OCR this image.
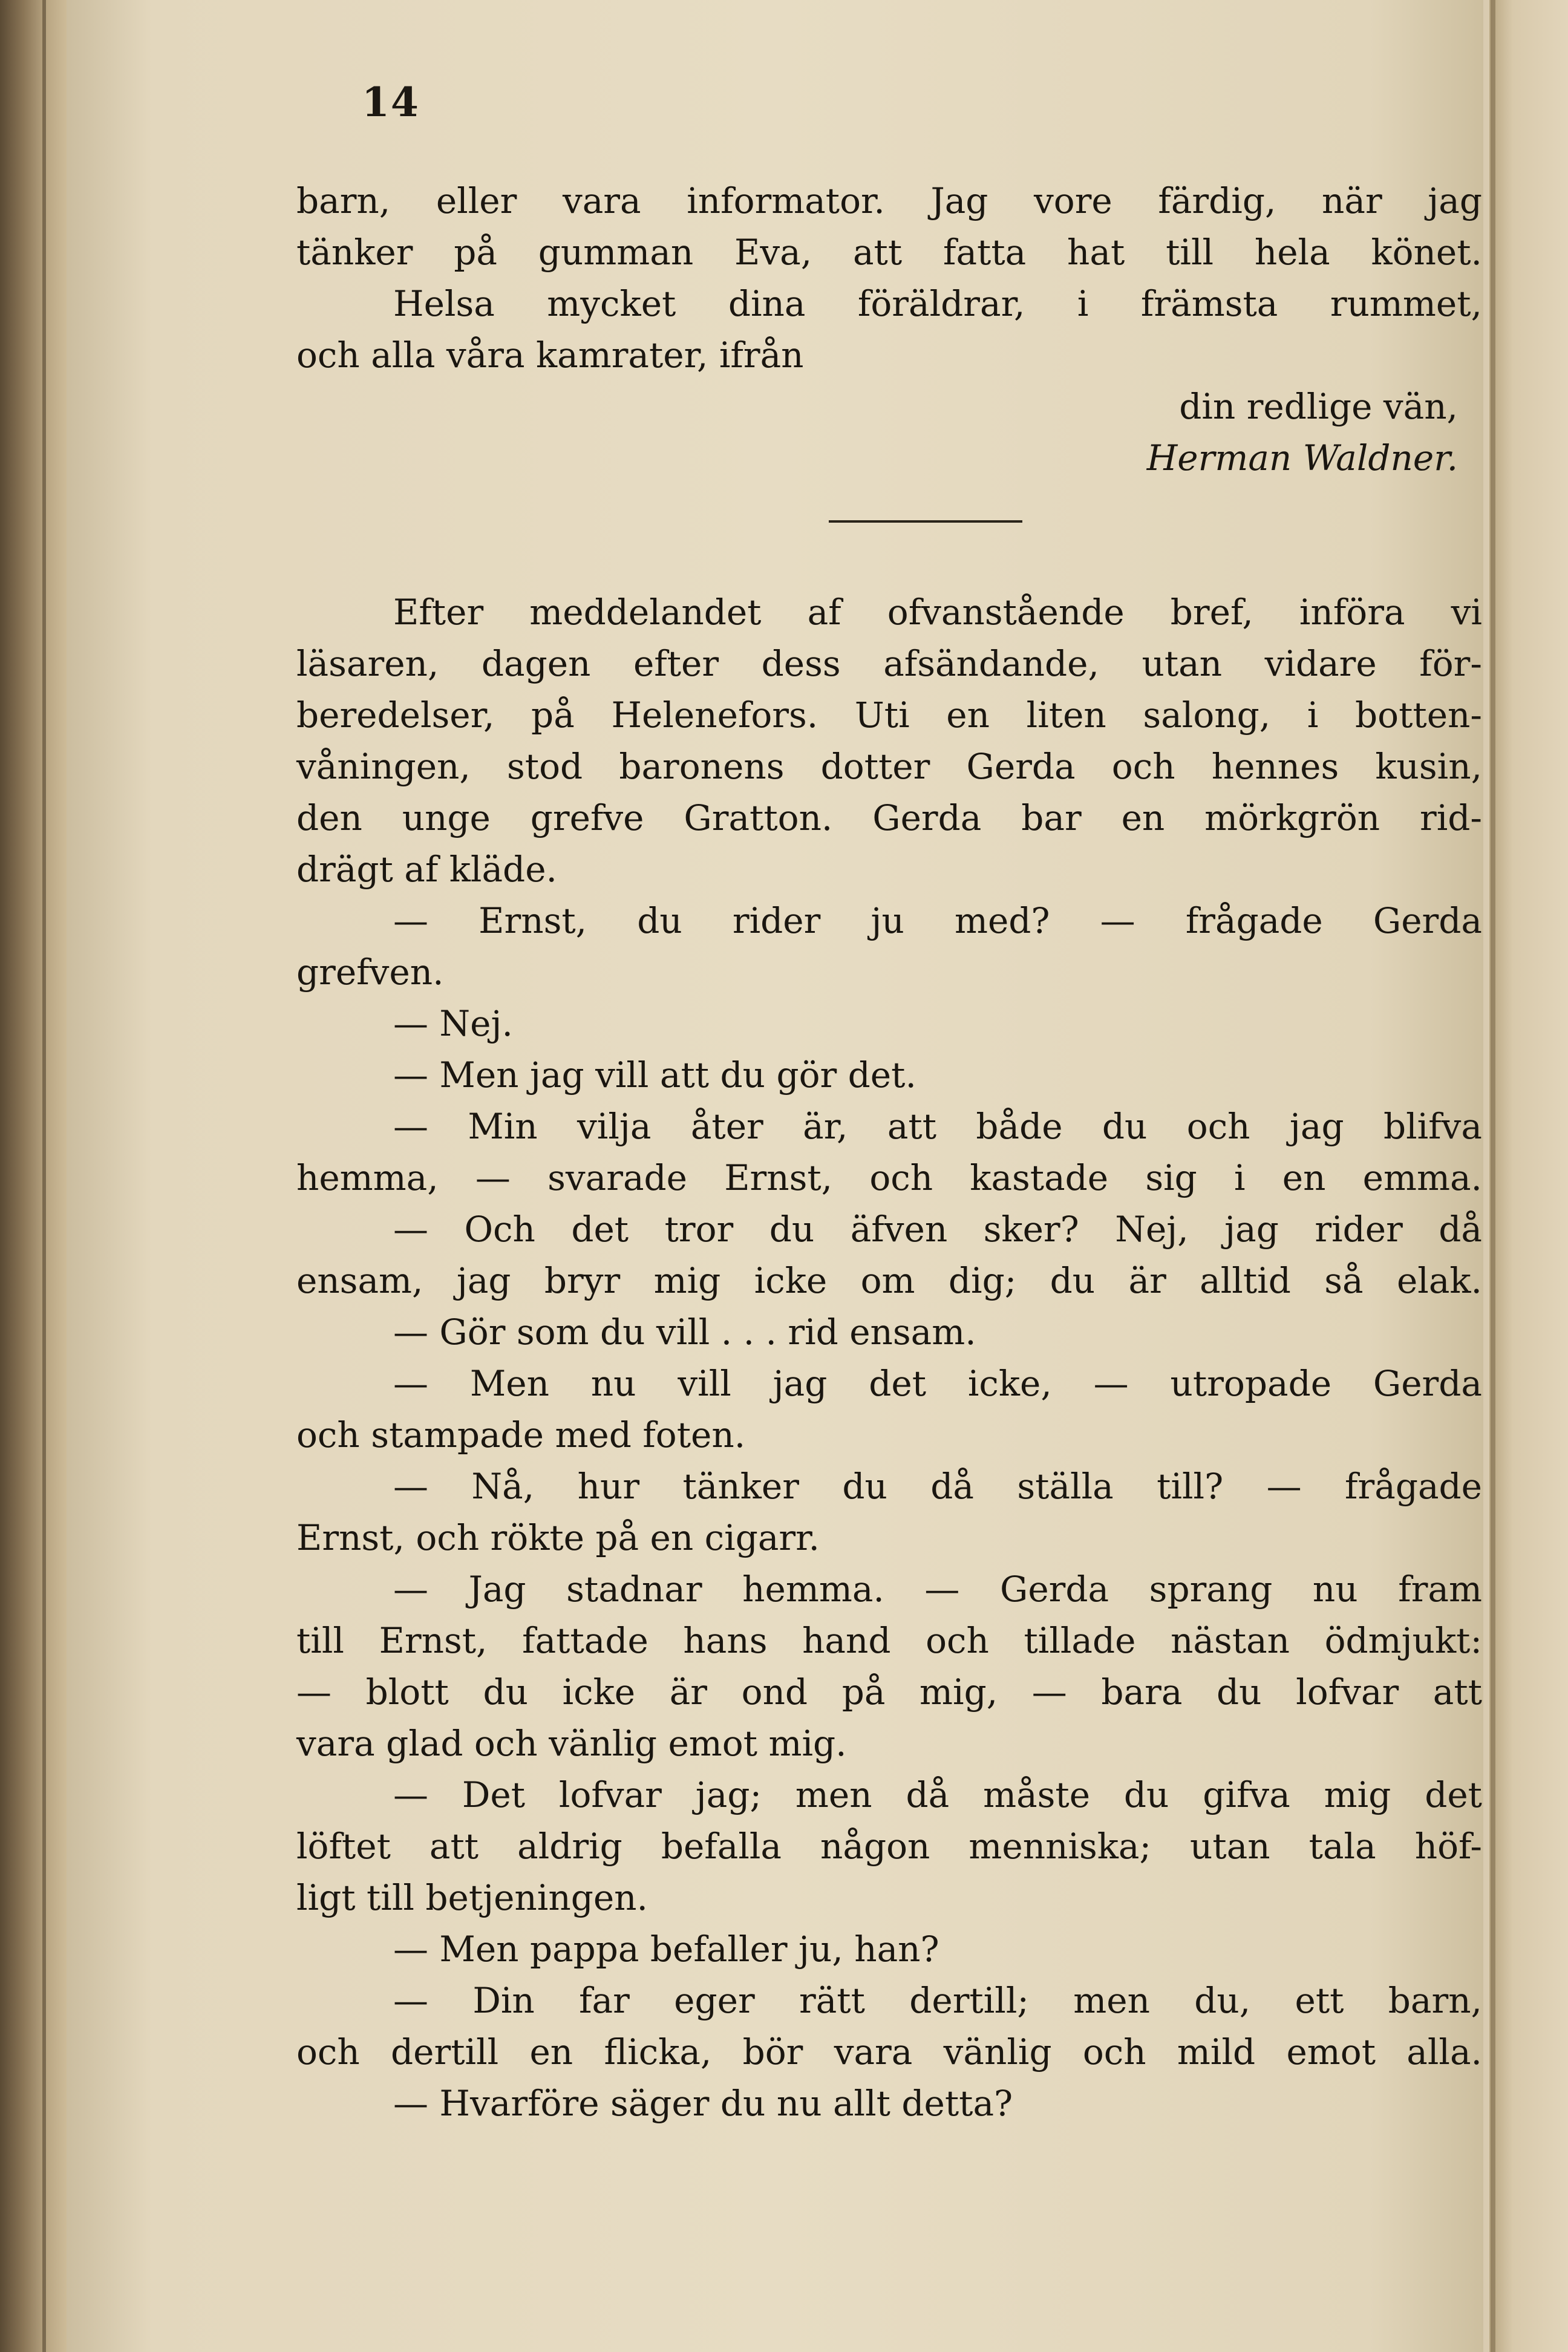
14
barn, eller vara informator. Jag vore färdig, när jag
tänker på gumman Eva, att fatta hat till hela könet.
Helsa mycket dina föräldrar, i främsta rummet,
och alla våra kamrater, ifrån
din redlige vän,
Herman Waldner.
Efter meddelandet af ofvanstående bref, införa vi
läsaren, dagen efter dess afsändande, utan vidare för-
beredelser, på Helenefors. Uti en liten salong, i botten-
våningen, stod baronens dotter Gerda och hennes kusin,
den unge grefve Gratton. Gerda bar en mörkgrön rid-
drägt af kläde.
— Ernst, du rider ju med? — frågade Gerda
grefven.
— Nej.
— Men jag vill att du gör det.
— Min vilja åter är, att både du och jag blifva
hemma, — svarade Ernst, och kastade sig i en emma.
— Och det tror du äfven sker? Nej, jag rider då
ensam, jag bryr mig icke om dig; du är alltid så elak.
— Gör som du vill . . . rid ensam.
— Men nu vill jag det icke, — utropade Gerda
och stampade med foten.
— Nå, hur tänker du då ställa till? — frågade
Ernst, och rökte på en cigarr.
— Jag stadnar hemma. — Gerda sprang nu fram
till Ernst, fattade hans hand och tillade nästan ödmjukt:
— blott du icke är ond på mig, — bara du lofvar att
vara glad och vänlig emot mig.
— Det lofvar jag; men då måste du gifva mig det
löftet att aldrig befalla någon menniska; utan tala höf-
ligt till betjeningen.
— Men pappa befaller ju, han?
— Din far eger rätt dertill; men du, ett barn,
och dertill en flicka, bör vara vänlig och mild emot alla.
— Hvarföre säger du nu allt detta?
